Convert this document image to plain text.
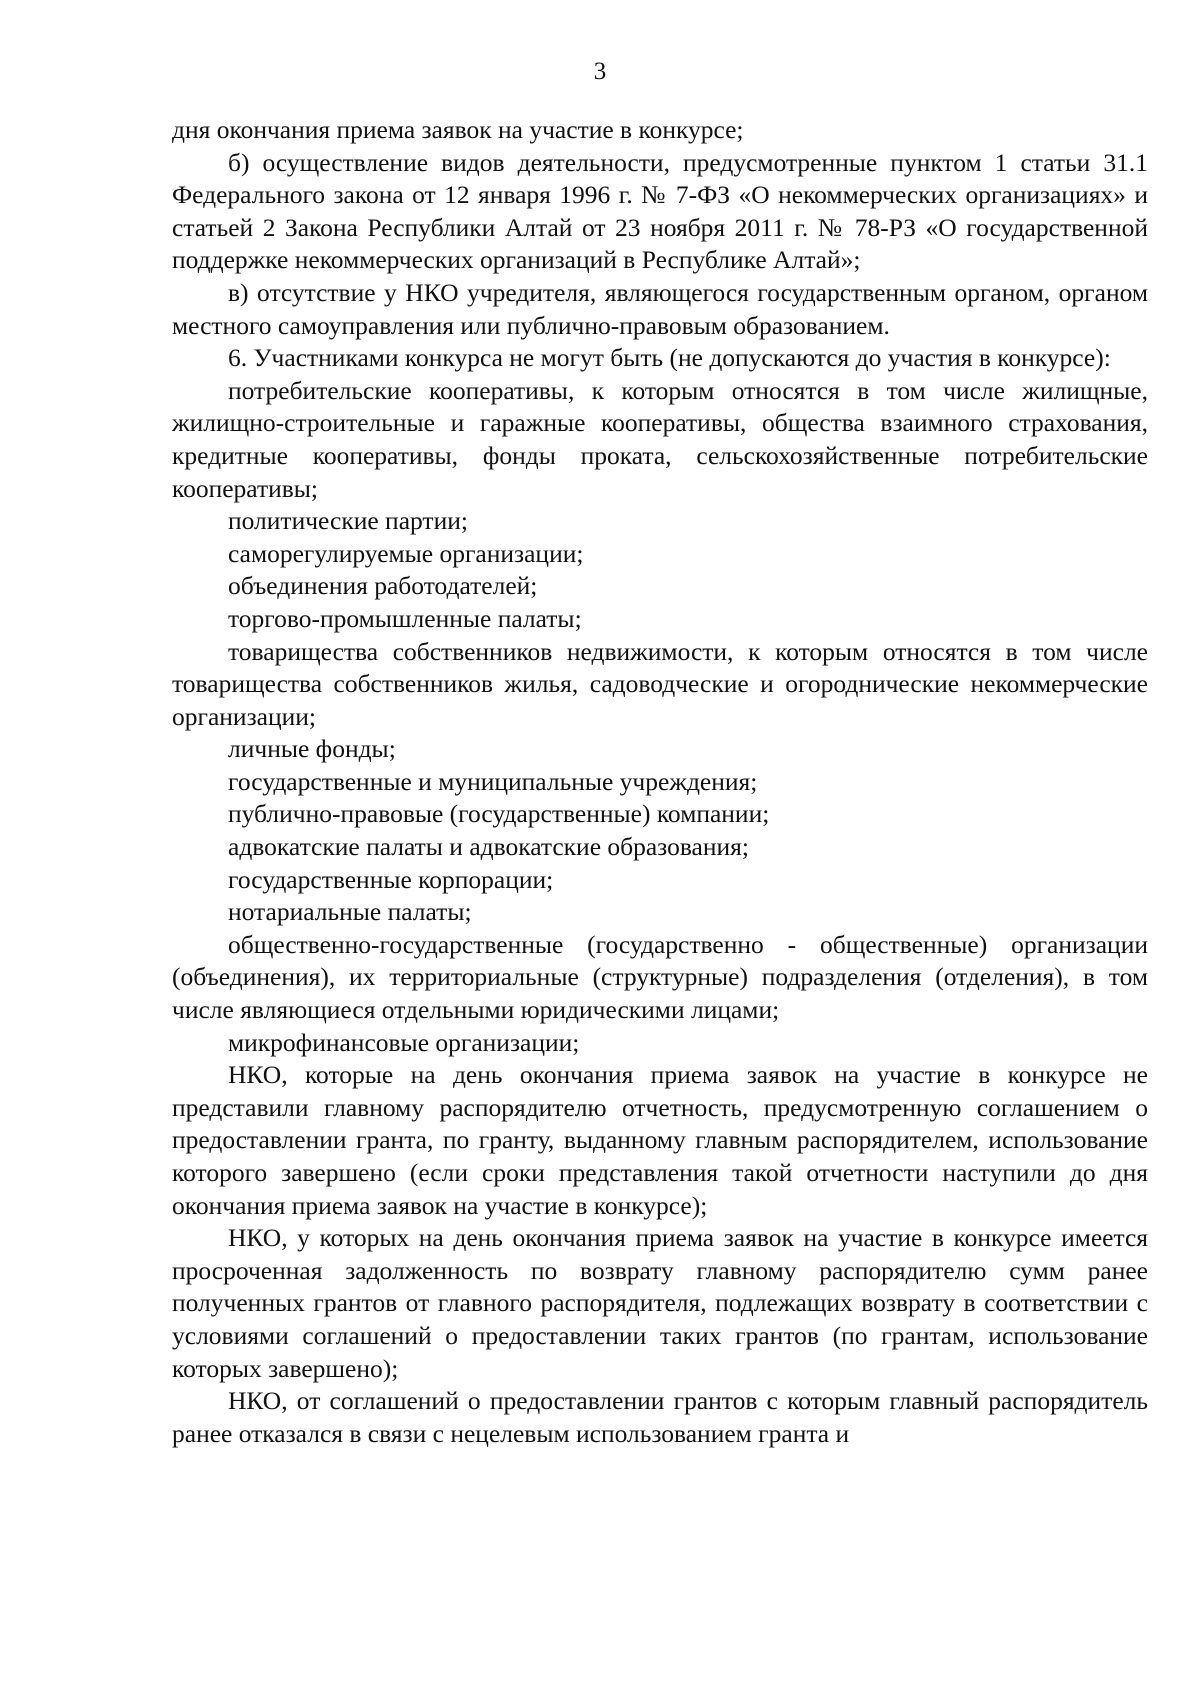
3

дня окончания приема заявок на участие в конкурсе;

б) осуществление видов деятельности, предусмотренные пунктом 1 статьи 31.1 Федерального закона от 12 января 1996 г. № 7-ФЗ «О некоммерческих организациях» и статьей 2 Закона Республики Алтай от 23 ноября 2011 г. № 78-РЗ «О государственной поддержке некоммерческих организаций в Республике Алтай»;

в) отсутствие у НКО учредителя, являющегося государственным органом, органом местного самоуправления или публично-правовым образованием.

6. Участниками конкурса не могут быть (не допускаются до участия в конкурсе):

потребительские кооперативы, к которым относятся в том числе жилищные, жилищно-строительные и гаражные кооперативы, общества взаимного страхования, кредитные кооперативы, фонды проката, сельскохозяйственные потребительские кооперативы;

политические партии;

саморегулируемые организации;

объединения работодателей;

торгово-промышленные палаты;

товарищества собственников недвижимости, к которым относятся в том числе товарищества собственников жилья, садоводческие и огороднические некоммерческие организации;

личные фонды;

государственные и муниципальные учреждения;

публично-правовые (государственные) компании;

адвокатские палаты и адвокатские образования;

государственные корпорации;

нотариальные палаты;

общественно-государственные (государственно - общественные) организации (объединения), их территориальные (структурные) подразделения (отделения), в том числе являющиеся отдельными юридическими лицами;

микрофинансовые организации;

НКО, которые на день окончания приема заявок на участие в конкурсе не представили главному распорядителю отчетность, предусмотренную соглашением о предоставлении гранта, по гранту, выданному главным распорядителем, использование которого завершено (если сроки представления такой отчетности наступили до дня окончания приема заявок на участие в конкурсе);

НКО, у которых на день окончания приема заявок на участие в конкурсе имеется просроченная задолженность по возврату главному распорядителю сумм ранее полученных грантов от главного распорядителя, подлежащих возврату в соответствии с условиями соглашений о предоставлении таких грантов (по грантам, использование которых завершено);

НКО, от соглашений о предоставлении грантов с которым главный распорядитель ранее отказался в связи с нецелевым использованием гранта и
